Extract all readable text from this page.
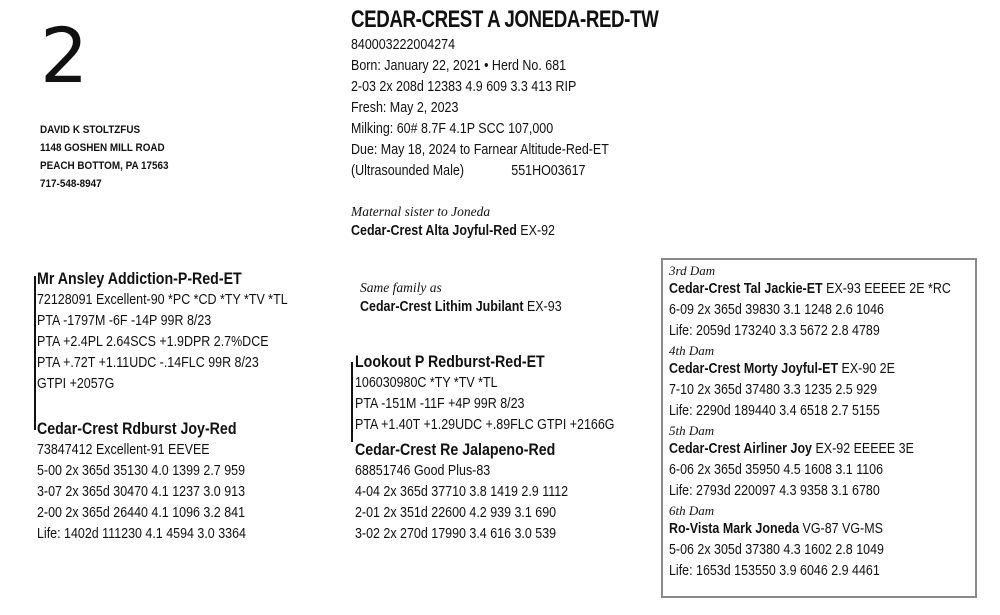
2
DAVID K STOLTZFUS
1148 GOSHEN MILL ROAD
PEACH BOTTOM, PA 17563
717-548-8947
CEDAR-CREST A JONEDA-RED-TW
840003222004274
Born: January 22, 2021 • Herd No. 681
2-03 2x 208d 12383 4.9 609 3.3 413 RIP
Fresh: May 2, 2023
Milking: 60# 8.7F 4.1P SCC 107,000
Due: May 18, 2024 to Farnear Altitude-Red-ET
(Ultrasounded Male)	551HO03617
Maternal sister to Joneda
Cedar-Crest Alta Joyful-Red EX-92
Same family as
Cedar-Crest Lithim Jubilant EX-93
Mr Ansley Addiction-P-Red-ET
72128091 Excellent-90 *PC *CD *TY *TV *TL
PTA -1797M -6F -14P 99R 8/23
PTA +2.4PL 2.64SCS +1.9DPR 2.7%DCE
PTA +.72T +1.11UDC -.14FLC 99R 8/23
GTPI +2057G
Cedar-Crest Rdburst Joy-Red
73847412 Excellent-91 EEVEE
5-00 2x 365d 35130 4.0 1399 2.7 959
3-07 2x 365d 30470 4.1 1237 3.0 913
2-00 2x 365d 26440 4.1 1096 3.2 841
Life: 1402d 111230 4.1 4594 3.0 3364
Lookout P Redburst-Red-ET
106030980C *TY *TV *TL
PTA -151M -11F +4P 99R 8/23
PTA +1.40T +1.29UDC +.89FLC GTPI +2166G
Cedar-Crest Re Jalapeno-Red
68851746 Good Plus-83
4-04 2x 365d 37710 3.8 1419 2.9 1112
2-01 2x 351d 22600 4.2 939 3.1 690
3-02 2x 270d 17990 3.4 616 3.0 539
3rd Dam
Cedar-Crest Tal Jackie-ET EX-93 EEEEE 2E *RC
6-09 2x 365d 39830 3.1 1248 2.6 1046
Life: 2059d 173240 3.3 5672 2.8 4789
4th Dam
Cedar-Crest Morty Joyful-ET EX-90 2E
7-10 2x 365d 37480 3.3 1235 2.5 929
Life: 2290d 189440 3.4 6518 2.7 5155
5th Dam
Cedar-Crest Airliner Joy EX-92 EEEEE 3E
6-06 2x 365d 35950 4.5 1608 3.1 1106
Life: 2793d 220097 4.3 9358 3.1 6780
6th Dam
Ro-Vista Mark Joneda VG-87 VG-MS
5-06 2x 305d 37380 4.3 1602 2.8 1049
Life: 1653d 153550 3.9 6046 2.9 4461
